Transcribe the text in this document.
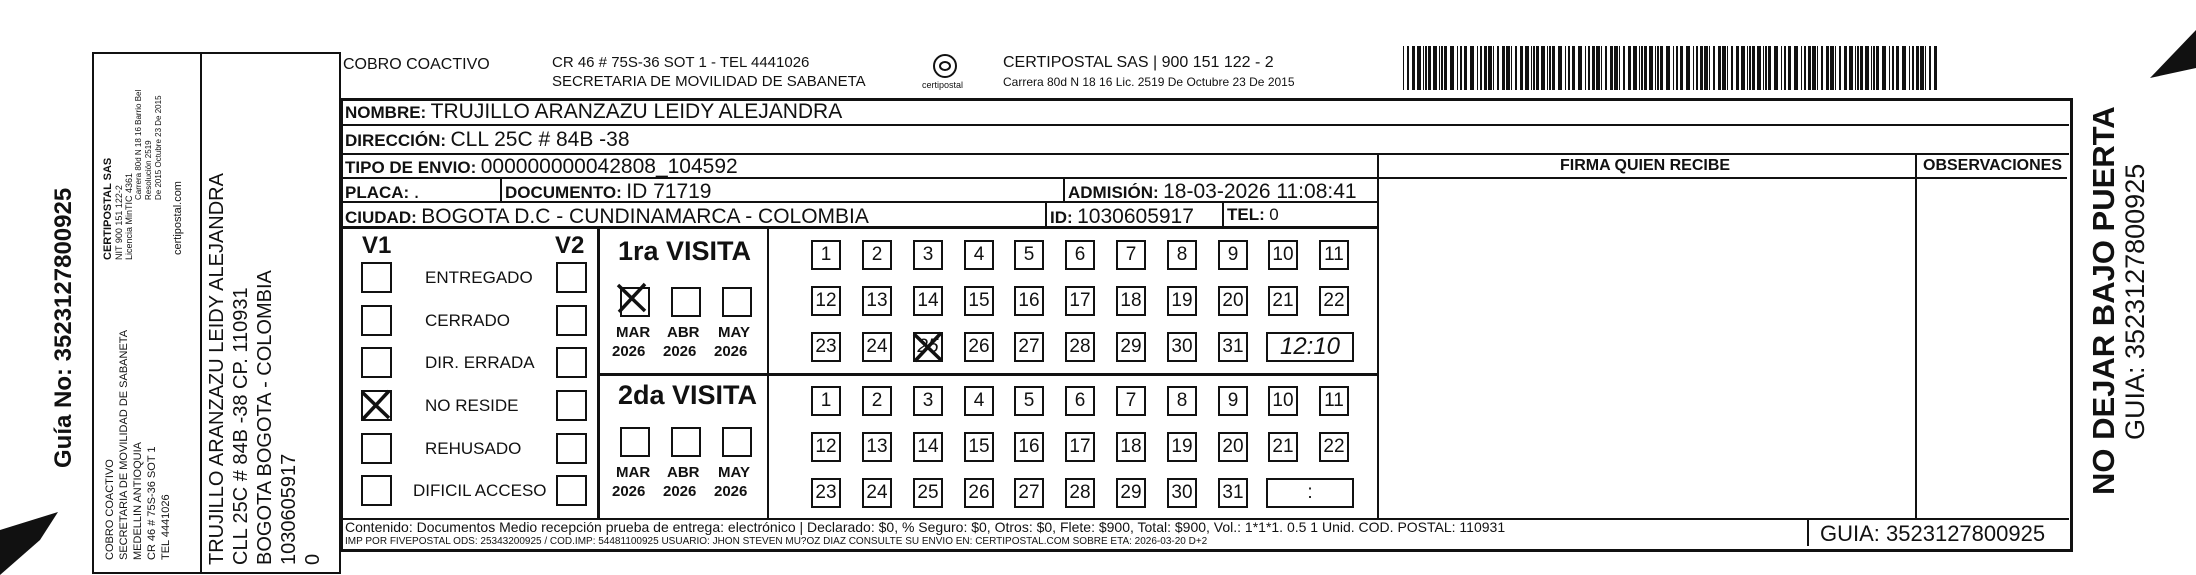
Guía No: 3523127800925
COBRO COACTIVO SECRETARIA DE MOVILIDAD DE SABANETA MEDELLIN ANTIOQUIA CR 46 # 75S-36 SOT 1 TEL 4441026
CERTIPOSTAL SAS NIT 900 151 122-2 Licencia MinTIC 4361
Carrera 80d N 18 16 Barrio Bel Resolución 2519 De 2015 Octubre 23 De 2015
certipostal.com TRUJILLO ARANZAZU LEIDY ALEJANDRA CLL 25C # 84B -38 CP. 110931 BOGOTA BOGOTA - COLOMBIA 1030605917 0
COBRO COACTIVO	CR 46 # 75S-36 SOT 1 - TEL 4441026
SECRETARIA DE MOVILIDAD DE SABANETA	certipostal
CERTIPOSTAL SAS | 900 151 122 - 2
Carrera 80d N 18 16 Lic. 2519 De Octubre 23 De 2015
NOMBRE: TRUJILLO ARANZAZU LEIDY ALEJANDRA
DIRECCIÓN: CLL 25C # 84B -38
TIPO DE ENVIO: 000000000042808_104592
PLACA: .	DOCUMENTO: ID 71719	ADMISIÓN: 18-03-2026 11:08:41
CIUDAD: BOGOTA D.C - CUNDINAMARCA - COLOMBIA	ID: 1030605917 TEL: 0
FIRMA QUIEN RECIBE	OBSERVACIONES
V1	V2 1ra VISITA
2da VISITA
Contenido: Documentos Medio recepción prueba de entrega: electrónico | Declarado: $0, % Seguro: $0, Otros: $0, Flete: $900, Total: $900, Vol.: 1*1*1. 0.5 1 Unid. COD. POSTAL: 110931
IMP POR FIVEPOSTAL ODS: 25343200925 / COD.IMP: 54481100925 USUARIO: JHON STEVEN MU?OZ DIAZ CONSULTE SU ENVIO EN: CERTIPOSTAL.COM SOBRE ETA: 2026-03-20 D+2	GUIA: 3523127800925
NO DEJAR BAJO PUERTA GUIA: 3523127800925
ENTREGADO
CERRADO
DIR. ERRADA
NO RESIDE
REHUSADO
DIFICIL ACCESO
MAR
2026
ABR
2026
MAY
2026
MAR
2026
ABR
2026
MAY
2026
1	2	3	4	5	6	7	8	9	10 11
12 13 14 15 16 17 18 19 20 21 22
23 24 25 26 27 28 29 30 31	12:10
1	2	3	4	5	6	7	8	9	10 11
12 13 14 15 16 17 18 19 20 21 22
23 24 25 26 27 28 29 30 31	:
